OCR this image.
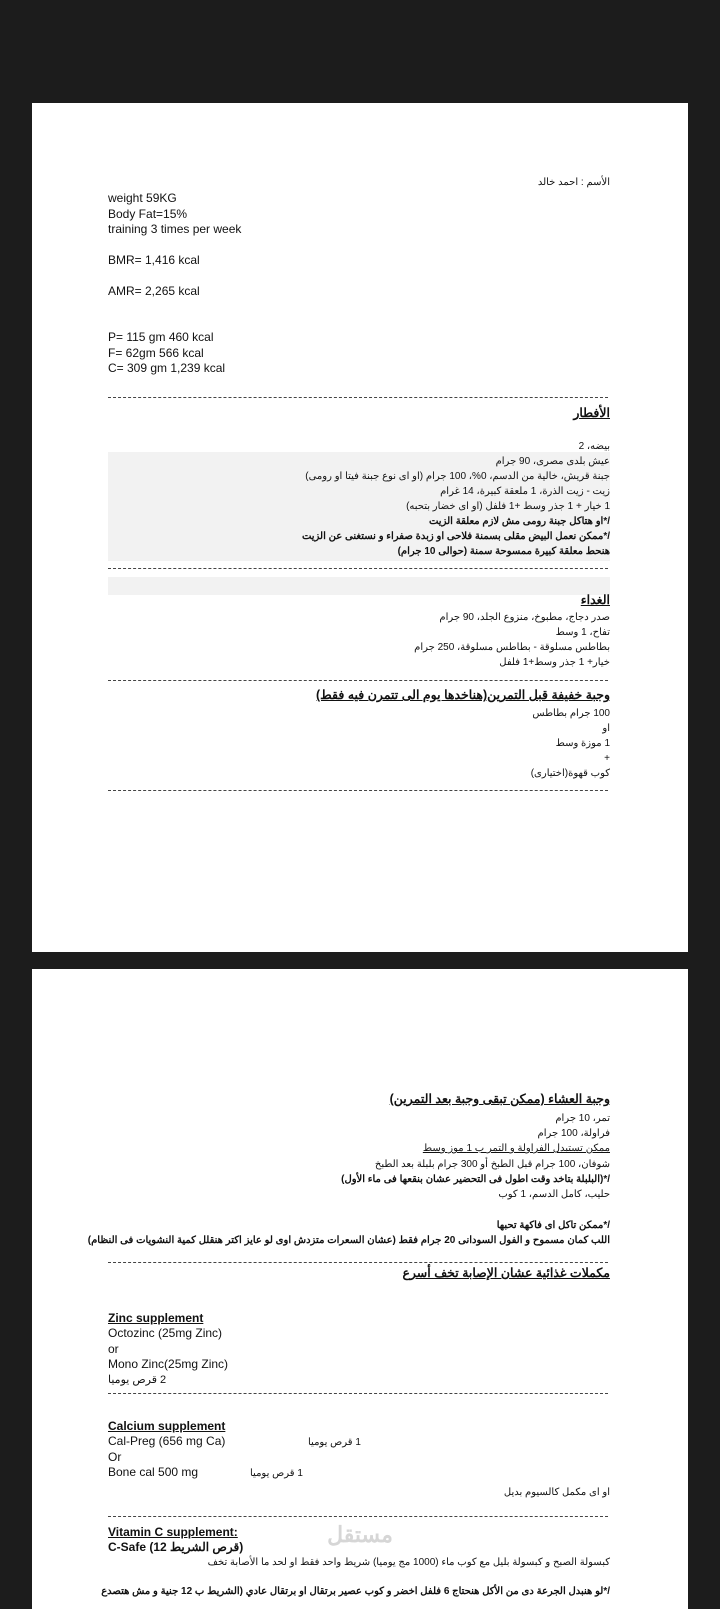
الأسم : احمد خالد
weight 59KG
Body Fat=15%
training 3 times per week
BMR= 1,416 kcal
AMR= 2,265 kcal
P= 115 gm 460 kcal
F= 62gm 566 kcal
C= 309 gm 1,239 kcal
الأفطار
بيضه، 2
عيش بلدى مصرى، 90 جرام
جبنة قريش، خالية من الدسم، 0%، 100 جرام (او اى نوع جبنة فيتا او رومى)
زيت - زيت الذرة، 1 ملعقة كبيرة، 14 غرام
1 خيار + 1 جذر وسط +1 فلفل (او اى خضار بتحبه)
/*او هتاكل جبنة رومى مش لازم معلقة الزيت
/*ممكن نعمل البيض مقلى بسمنة فلاحى او زبدة صفراء و نستغنى عن الزيت
هنحط معلقة كبيرة ممسوحة سمنة (حوالى 10 جرام)
الغداء
صدر دجاج، مطبوخ، منزوع الجلد، 90 جرام
تفاح، 1 وسط
بطاطس مسلوقة - بطاطس مسلوقة، 250 جرام
خيار+ 1 جذر وسط+1 فلفل
وجبة خفيفة قبل التمرين(هناخدها يوم الى تتمرن فيه فقط)
100 جرام بطاطس
او
1 موزة وسط
+
كوب قهوة(اختيارى)
وجبة العشاء (ممكن تبقى وجبة بعد التمرين)
تمر، 10 جرام
فراولة، 100 جرام
ممكن تستبدل الفراولة و التمر ب 1 موز وسط
شوفان، 100 جرام قبل الطبخ أو 300 جرام بلبلة بعد الطبخ
/*(البلبلة بتاخد وقت اطول فى التحضير عشان بنقعها فى ماء الأول)
حليب، كامل الدسم، 1 كوب
/*ممكن تاكل اى فاكهة تحبها
اللب كمان مسموح و الفول السودانى 20 جرام فقط (عشان السعرات متزدش اوى لو عايز اكتر هنقلل كمية النشويات فى النظام)
مكملات غذائية عشان الإصابة تخف أسرع
Zinc supplement
Octozinc (25mg Zinc)
or
Mono Zinc(25mg Zinc)
2 قرص يوميا
Calcium supplement
Cal-Preg (656 mg Ca)	1 قرص يوميا
Or
Bone cal 500 mg	1 قرص يوميا
او اى مكمل كالسيوم بديل
Vitamin C supplement:
C-Safe (12 قرص الشريط)
كبسولة الصبح و كبسولة بليل مع كوب ماء (1000 مج يوميا) شريط واحد فقط او لحد ما الأصابة تخف
/*لو هنبدل الجرعة دى من الأكل هنحتاج 6 فلفل اخضر و كوب عصير برتقال او برتقال عادي (الشريط ب 12 جنية و مش هتصدع
مستقل
